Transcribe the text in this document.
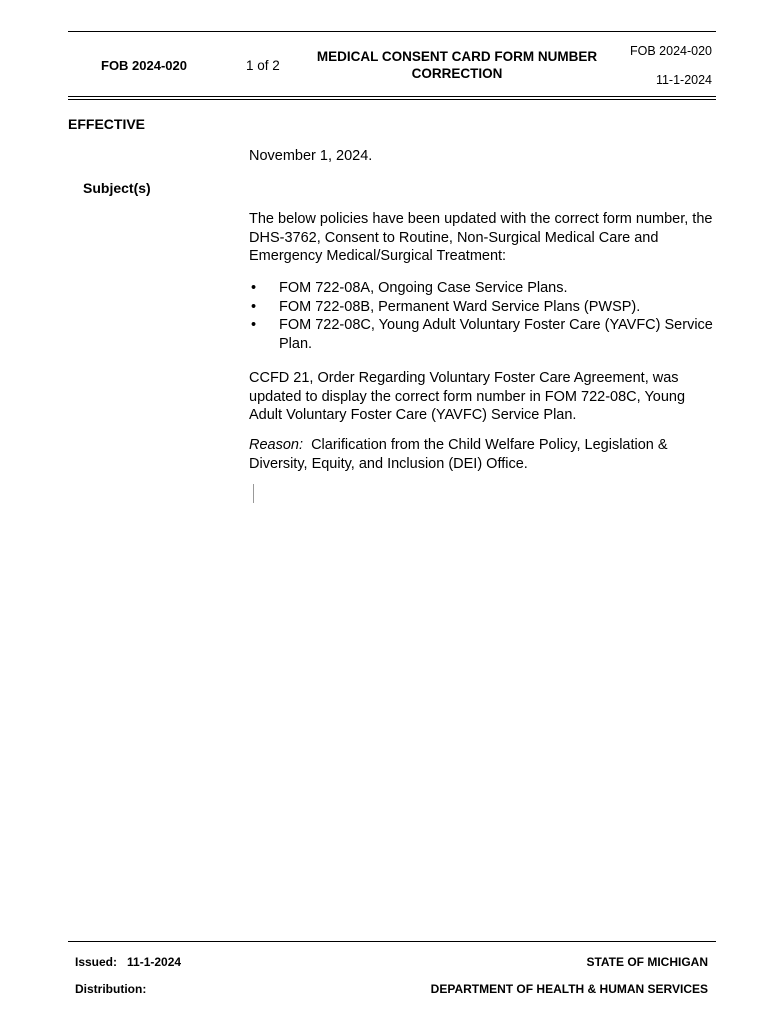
FOB 2024-020	1 of 2
MEDICAL CONSENT CARD FORM NUMBER CORRECTION
FOB 2024-020
11-1-2024
EFFECTIVE
November 1, 2024.
Subject(s)
The below policies have been updated with the correct form number, the DHS-3762, Consent to Routine, Non-Surgical Medical Care and Emergency Medical/Surgical Treatment:
• FOM 722-08A, Ongoing Case Service Plans.
• FOM 722-08B, Permanent Ward Service Plans (PWSP).
• FOM 722-08C, Young Adult Voluntary Foster Care (YAVFC) Service Plan.
CCFD 21, Order Regarding Voluntary Foster Care Agreement, was updated to display the correct form number in FOM 722-08C, Young Adult Voluntary Foster Care (YAVFC) Service Plan.
Reason: Clarification from the Child Welfare Policy, Legislation & Diversity, Equity, and Inclusion (DEI) Office.
Issued:   11-1-2024
Distribution:
STATE OF MICHIGAN
DEPARTMENT OF HEALTH & HUMAN SERVICES
